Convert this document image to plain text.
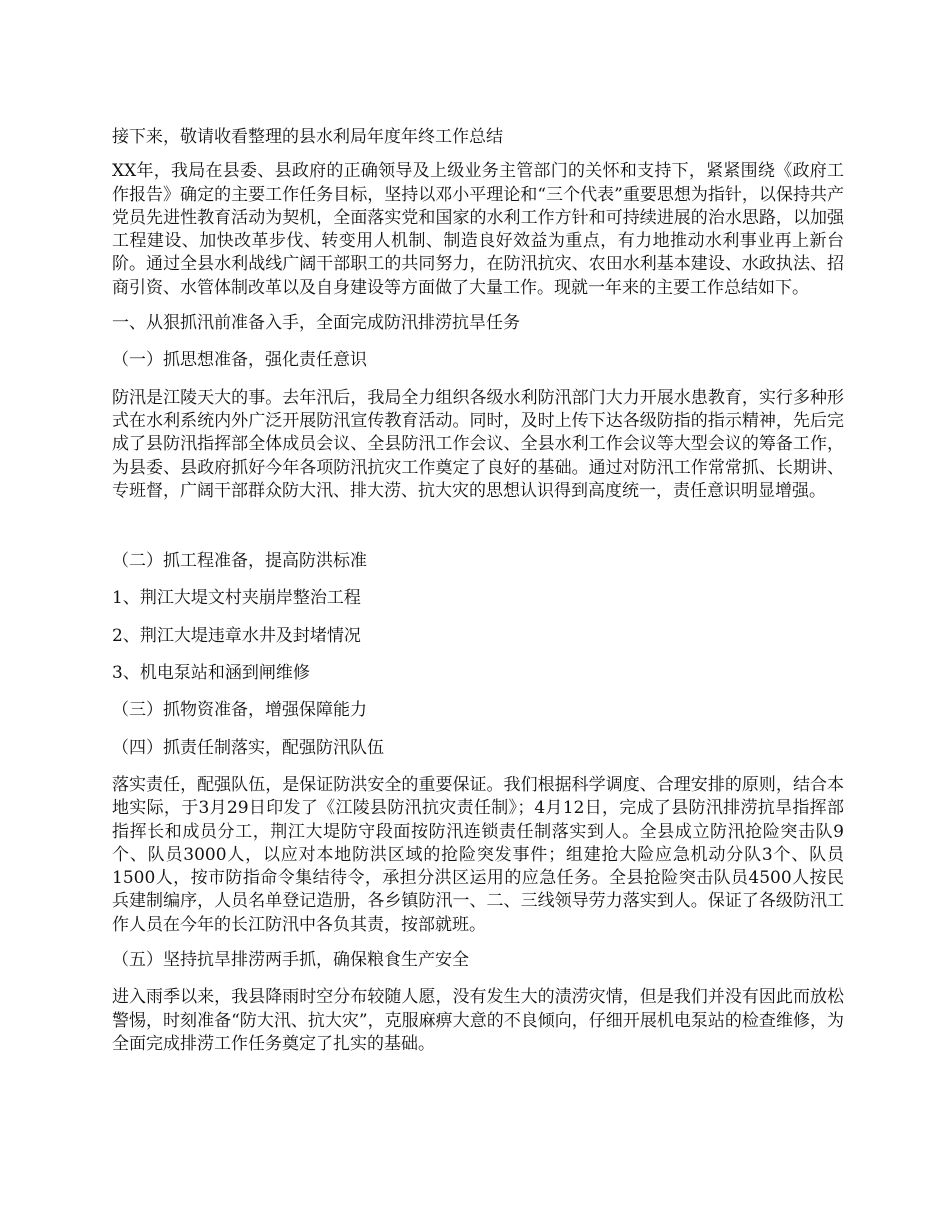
接下来，敬请收看整理的县水利局年度年终工作总结

XX年，我局在县委、县政府的正确领导及上级业务主管部门的关怀和支持下，紧紧围绕《政府工作报告》确定的主要工作任务目标，坚持以邓小平理论和“三个代表”重要思想为指针，以保持共产党员先进性教育活动为契机，全面落实党和国家的水利工作方针和可持续进展的治水思路，以加强工程建设、加快改革步伐、转变用人机制、制造良好效益为重点，有力地推动水利事业再上新台阶。通过全县水利战线广阔干部职工的共同努力，在防汛抗灾、农田水利基本建设、水政执法、招商引资、水管体制改革以及自身建设等方面做了大量工作。现就一年来的主要工作总结如下。

一、从狠抓汛前准备入手，全面完成防汛排涝抗旱任务

（一）抓思想准备，强化责任意识

防汛是江陵天大的事。去年汛后，我局全力组织各级水利防汛部门大力开展水患教育，实行多种形式在水利系统内外广泛开展防汛宣传教育活动。同时，及时上传下达各级防指的指示精神，先后完成了县防汛指挥部全体成员会议、全县防汛工作会议、全县水利工作会议等大型会议的筹备工作，为县委、县政府抓好今年各项防汛抗灾工作奠定了良好的基础。通过对防汛工作常常抓、长期讲、专班督，广阔干部群众防大汛、排大涝、抗大灾的思想认识得到高度统一，责任意识明显增强。

（二）抓工程准备，提高防洪标准

1、荆江大堤文村夹崩岸整治工程

2、荆江大堤违章水井及封堵情况

3、机电泵站和涵到闸维修

（三）抓物资准备，增强保障能力

（四）抓责任制落实，配强防汛队伍

落实责任，配强队伍，是保证防洪安全的重要保证。我们根据科学调度、合理安排的原则，结合本地实际，于3月29日印发了《江陵县防汛抗灾责任制》；4月12日，完成了县防汛排涝抗旱指挥部指挥长和成员分工，荆江大堤防守段面按防汛连锁责任制落实到人。全县成立防汛抢险突击队9个、队员3000人，以应对本地防洪区域的抢险突发事件；组建抢大险应急机动分队3个、队员1500人，按市防指命令集结待令，承担分洪区运用的应急任务。全县抢险突击队员4500人按民兵建制编序，人员名单登记造册，各乡镇防汛一、二、三线领导劳力落实到人。保证了各级防汛工作人员在今年的长江防汛中各负其责，按部就班。

（五）坚持抗旱排涝两手抓，确保粮食生产安全

进入雨季以来，我县降雨时空分布较随人愿，没有发生大的渍涝灾情，但是我们并没有因此而放松警惕，时刻准备“防大汛、抗大灾”，克服麻痹大意的不良倾向，仔细开展机电泵站的检查维修，为全面完成排涝工作任务奠定了扎实的基础。
